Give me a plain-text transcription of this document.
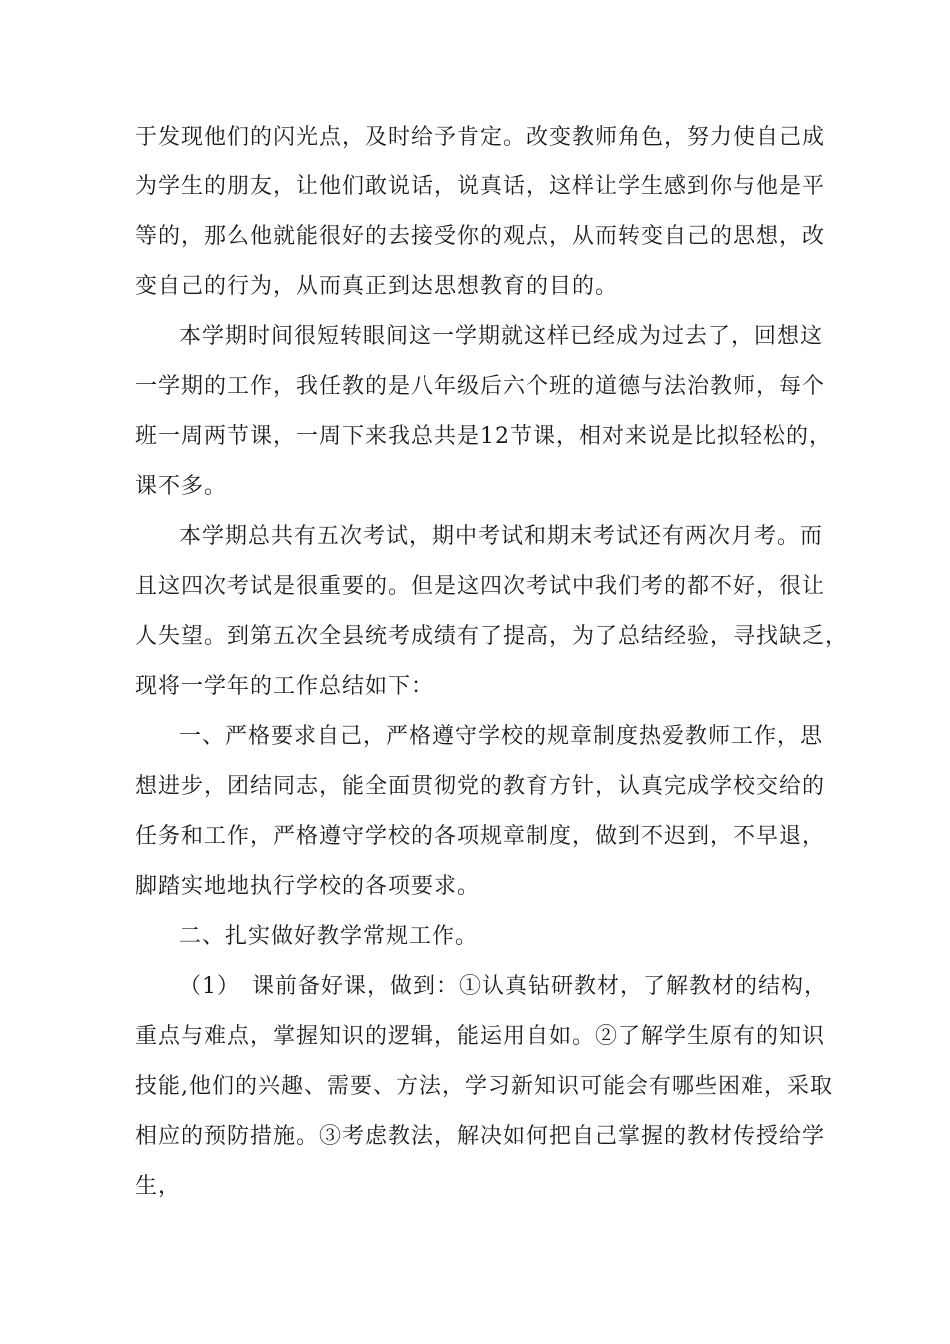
于发现他们的闪光点，及时给予肯定。改变教师角色，努力使自己成

为学生的朋友，让他们敢说话，说真话，这样让学生感到你与他是平

等的，那么他就能很好的去接受你的观点，从而转变自己的思想，改

变自己的行为，从而真正到达思想教育的目的。

本学期时间很短转眼间这一学期就这样已经成为过去了，回想这

一学期的工作，我任教的是八年级后六个班的道德与法治教师，每个

班一周两节课，一周下来我总共是12节课，相对来说是比拟轻松的，

课不多。

本学期总共有五次考试，期中考试和期末考试还有两次月考。而

且这四次考试是很重要的。但是这四次考试中我们考的都不好，很让

人失望。到第五次全县统考成绩有了提高，为了总结经验，寻找缺乏，

现将一学年的工作总结如下：

一、严格要求自己，严格遵守学校的规章制度热爱教师工作，思

想进步，团结同志，能全面贯彻党的教育方针，认真完成学校交给的

任务和工作，严格遵守学校的各项规章制度，做到不迟到，不早退，

脚踏实地地执行学校的各项要求。

二、扎实做好教学常规工作。

（1）　课前备好课，做到：①认真钻研教材，了解教材的结构，

重点与难点，掌握知识的逻辑，能运用自如。②了解学生原有的知识

技能,他们的兴趣、需要、方法，学习新知识可能会有哪些困难，采取

相应的预防措施。③考虑教法，解决如何把自己掌握的教材传授给学

生，
